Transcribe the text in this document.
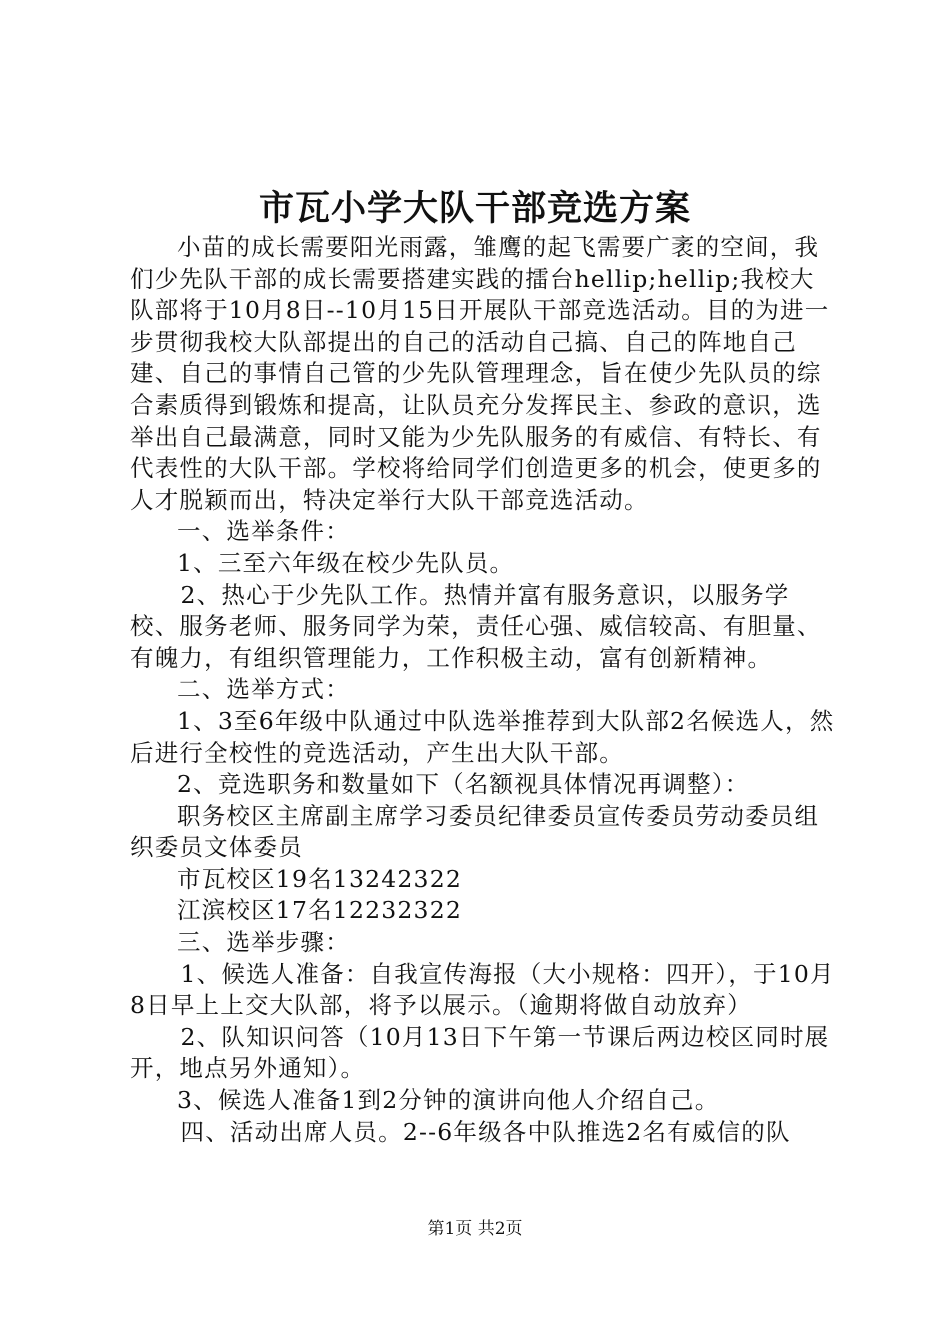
市瓦小学大队干部竞选方案

小苗的成长需要阳光雨露，雏鹰的起飞需要广袤的空间，我们少先队干部的成长需要搭建实践的擂台hellip;hellip;我校大队部将于10月8日--10月15日开展队干部竞选活动。目的为进一步贯彻我校大队部提出的自己的活动自己搞、自己的阵地自己建、自己的事情自己管的少先队管理理念，旨在使少先队员的综合素质得到锻炼和提高，让队员充分发挥民主、参政的意识，选举出自己最满意，同时又能为少先队服务的有威信、有特长、有代表性的大队干部。学校将给同学们创造更多的机会，使更多的人才脱颖而出，特决定举行大队干部竞选活动。

一、选举条件：

1、三至六年级在校少先队员。

2、热心于少先队工作。热情并富有服务意识，以服务学校、服务老师、服务同学为荣，责任心强、威信较高、有胆量、有魄力，有组织管理能力，工作积极主动，富有创新精神。

二、选举方式：

1、3至6年级中队通过中队选举推荐到大队部2名候选人，然后进行全校性的竞选活动，产生出大队干部。

2、竞选职务和数量如下（名额视具体情况再调整）：

职务校区主席副主席学习委员纪律委员宣传委员劳动委员组织委员文体委员

市瓦校区19名13242322

江滨校区17名12232322

三、选举步骤：

1、候选人准备：自我宣传海报（大小规格：四开），于10月8日早上上交大队部，将予以展示。（逾期将做自动放弃）

2、队知识问答（10月13日下午第一节课后两边校区同时展开，地点另外通知）。

3、候选人准备1到2分钟的演讲向他人介绍自己。

四、活动出席人员。2--6年级各中队推选2名有威信的队

第1页 共2页
